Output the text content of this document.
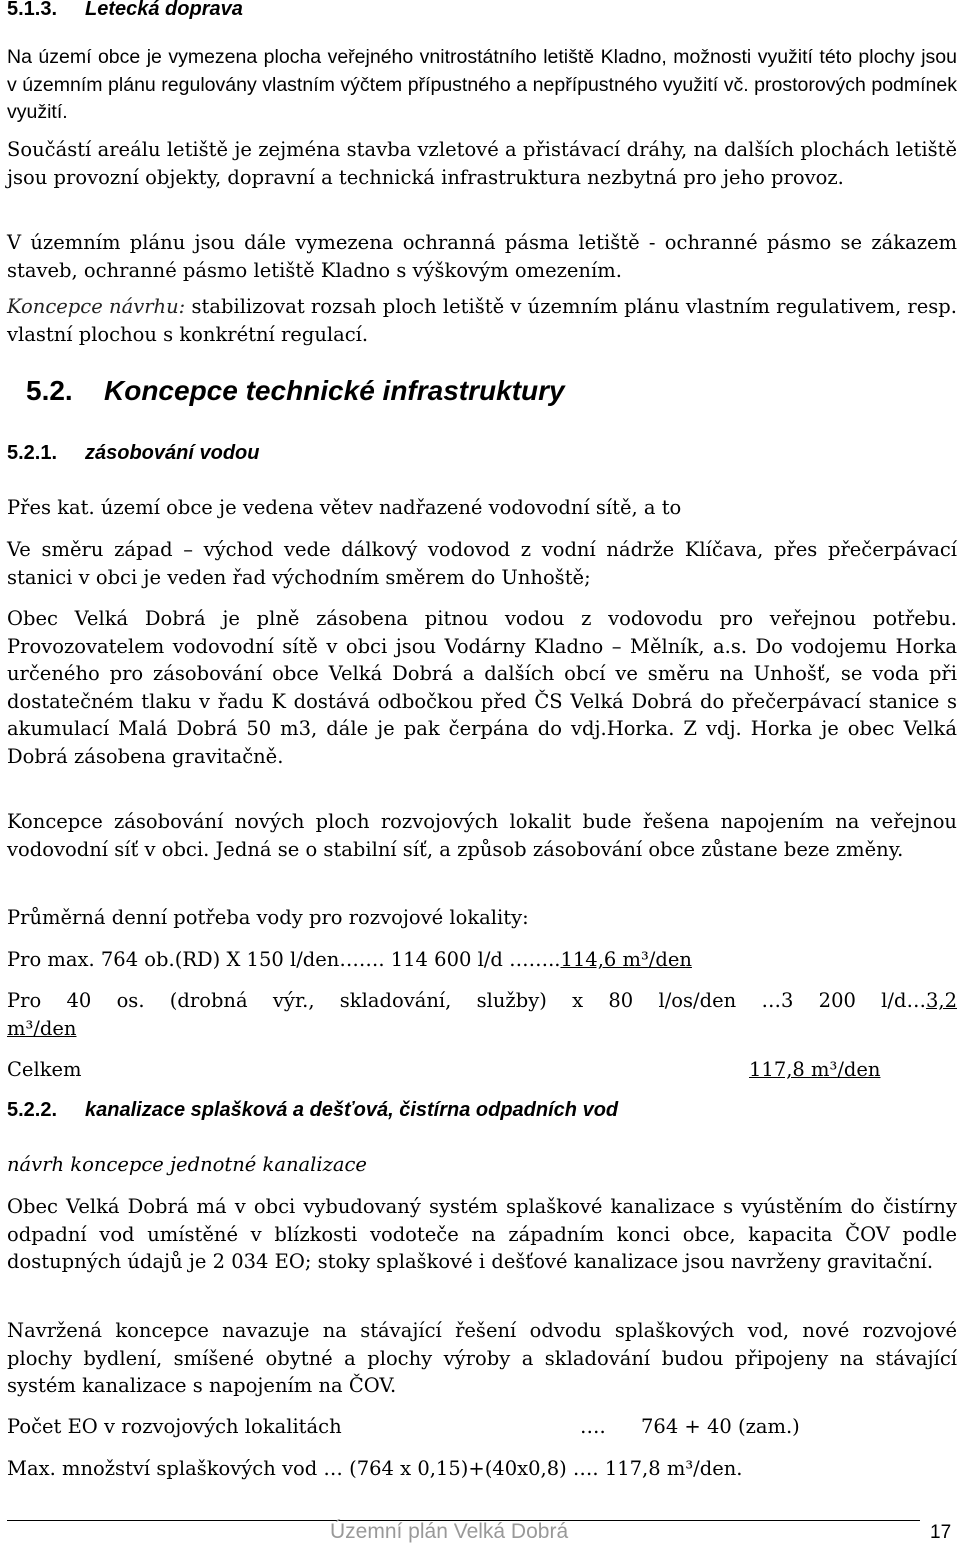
5.1.3. Letecká doprava

Na území obce je vymezena plocha veřejného vnitrostátního letiště Kladno, možnosti využití této plochy jsou v územním plánu regulovány vlastním výčtem přípustného a nepřípustného využití vč. prostorových podmínek využití.

Součástí areálu letiště je zejména stavba vzletové a přistávací dráhy, na dalších plochách letiště jsou provozní objekty, dopravní a technická infrastruktura nezbytná pro jeho provoz.

V územním plánu jsou dále vymezena ochranná pásma letiště - ochranné pásmo se zákazem staveb, ochranné pásmo letiště Kladno s výškovým omezením.

Koncepce návrhu: stabilizovat rozsah ploch letiště v územním plánu vlastním regulativem, resp. vlastní plochou s konkrétní regulací.

5.2. Koncepce technické infrastruktury
5.2.1. zásobování vodou

Přes kat. území obce je vedena větev nadřazené vodovodní sítě, a to

Ve směru západ – východ vede dálkový vodovod z vodní nádrže Klíčava, přes přečerpávací stanici v obci je veden řad východním směrem do Unhoště;

Obec Velká Dobrá je plně zásobena pitnou vodou z vodovodu pro veřejnou potřebu. Provozovatelem vodovodní sítě v obci jsou Vodárny Kladno – Mělník, a.s. Do vodojemu Horka určeného pro zásobování obce Velká Dobrá a dalších obcí ve směru na Unhošť, se voda při dostatečném tlaku v řadu K dostává odbočkou před ČS Velká Dobrá do přečerpávací stanice s akumulací Malá Dobrá 50 m3, dále je pak čerpána do vdj.Horka. Z vdj. Horka je obec Velká Dobrá zásobena gravitačně.

Koncepce zásobování nových ploch rozvojových lokalit bude řešena napojením na veřejnou vodovodní síť v obci. Jedná se o stabilní síť, a způsob zásobování obce zůstane beze změny.

Průměrná denní potřeba vody pro rozvojové lokality:

Pro max. 764 ob.(RD) X 150 l/den……. 114 600 l/d ……..114,6 m³/den
Pro 40 os. (drobná výr., skladování, služby) x 80 l/os/den …3 200 l/d…3,2
m³/den
Celkem	117,8 m³/den
5.2.2. kanalizace splašková a dešťová, čistírna odpadních vod

návrh koncepce jednotné kanalizace

Obec Velká Dobrá má v obci vybudovaný systém splaškové kanalizace s vyústěním do čistírny odpadní vod umístěné v blízkosti vodoteče na západním konci obce, kapacita ČOV podle dostupných údajů je 2 034 EO; stoky splaškové i dešťové kanalizace jsou navrženy gravitační.

Navržená koncepce navazuje na stávající řešení odvodu splaškových vod, nové rozvojové plochy bydlení, smíšené obytné a plochy výroby a skladování budou připojeny na stávající systém kanalizace s napojením na ČOV.

Počet EO v rozvojových lokalitách	…. 764 + 40 (zam.)
Max. množství splaškových vod … (764 x 0,15)+(40x0,8) …. 117,8 m³/den.
Územní plán Velká Dobrá	17
